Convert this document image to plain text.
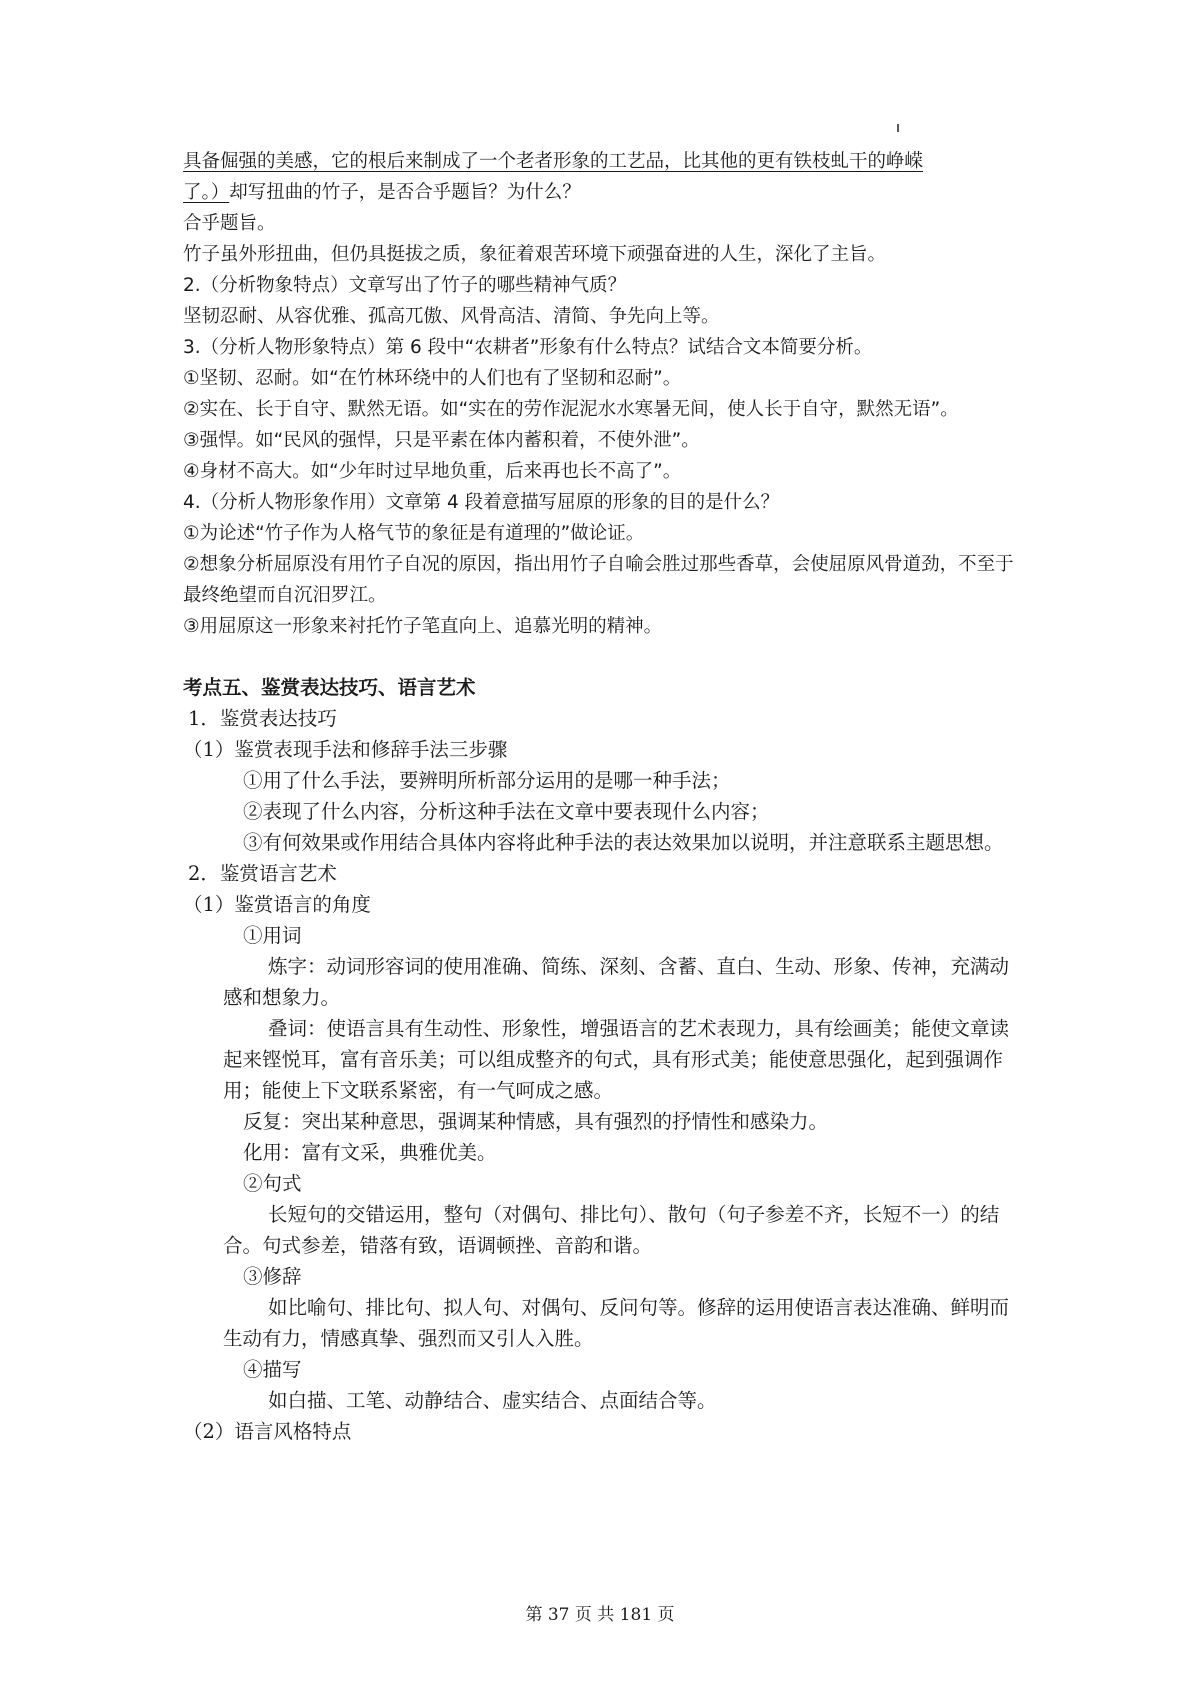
具备倔强的美感，它的根后来制成了一个老者形象的工艺品，比其他的更有铁枝虬干的峥嵘

了。）却写扭曲的竹子，是否合乎题旨？为什么？

合乎题旨。

竹子虽外形扭曲，但仍具挺拔之质，象征着艰苦环境下顽强奋进的人生，深化了主旨。

2.（分析物象特点）文章写出了竹子的哪些精神气质？

坚韧忍耐、从容优雅、孤高兀傲、风骨高洁、清简、争先向上等。

3.（分析人物形象特点）第 6 段中“农耕者”形象有什么特点？试结合文本简要分析。

①坚韧、忍耐。如“在竹林环绕中的人们也有了坚韧和忍耐”。

②实在、长于自守、默然无语。如“实在的劳作泥泥水水寒暑无间，使人长于自守，默然无语”。

③强悍。如“民风的强悍，只是平素在体内蓄积着，不使外泄”。

④身材不高大。如“少年时过早地负重，后来再也长不高了”。

4.（分析人物形象作用）文章第 4 段着意描写屈原的形象的目的是什么？

①为论述“竹子作为人格气节的象征是有道理的”做论证。

②想象分析屈原没有用竹子自况的原因，指出用竹子自喻会胜过那些香草，会使屈原风骨道劲，不至于最终绝望而自沉汨罗江。

③用屈原这一形象来衬托竹子笔直向上、追慕光明的精神。

考点五、鉴赏表达技巧、语言艺术

1．鉴赏表达技巧

（1）鉴赏表现手法和修辞手法三步骤

①用了什么手法，要辨明所析部分运用的是哪一种手法；

②表现了什么内容，分析这种手法在文章中要表现什么内容；

③有何效果或作用结合具体内容将此种手法的表达效果加以说明，并注意联系主题思想。

2．鉴赏语言艺术

（1）鉴赏语言的角度

①用词

炼字：动词形容词的使用准确、简练、深刻、含蓄、直白、生动、形象、传神，充满动感和想象力。

叠词：使语言具有生动性、形象性，增强语言的艺术表现力，具有绘画美；能使文章读起来铿悦耳，富有音乐美；可以组成整齐的句式，具有形式美；能使意思强化，起到强调作用；能使上下文联系紧密，有一气呵成之感。

反复：突出某种意思，强调某种情感，具有强烈的抒情性和感染力。

化用：富有文采，典雅优美。

②句式

长短句的交错运用，整句（对偶句、排比句）、散句（句子参差不齐，长短不一）的结合。句式参差，错落有致，语调顿挫、音韵和谐。

③修辞

如比喻句、排比句、拟人句、对偶句、反问句等。修辞的运用使语言表达准确、鲜明而生动有力，情感真挚、强烈而又引人入胜。

④描写

如白描、工笔、动静结合、虚实结合、点面结合等。

（2）语言风格特点

第 37 页 共 181 页
